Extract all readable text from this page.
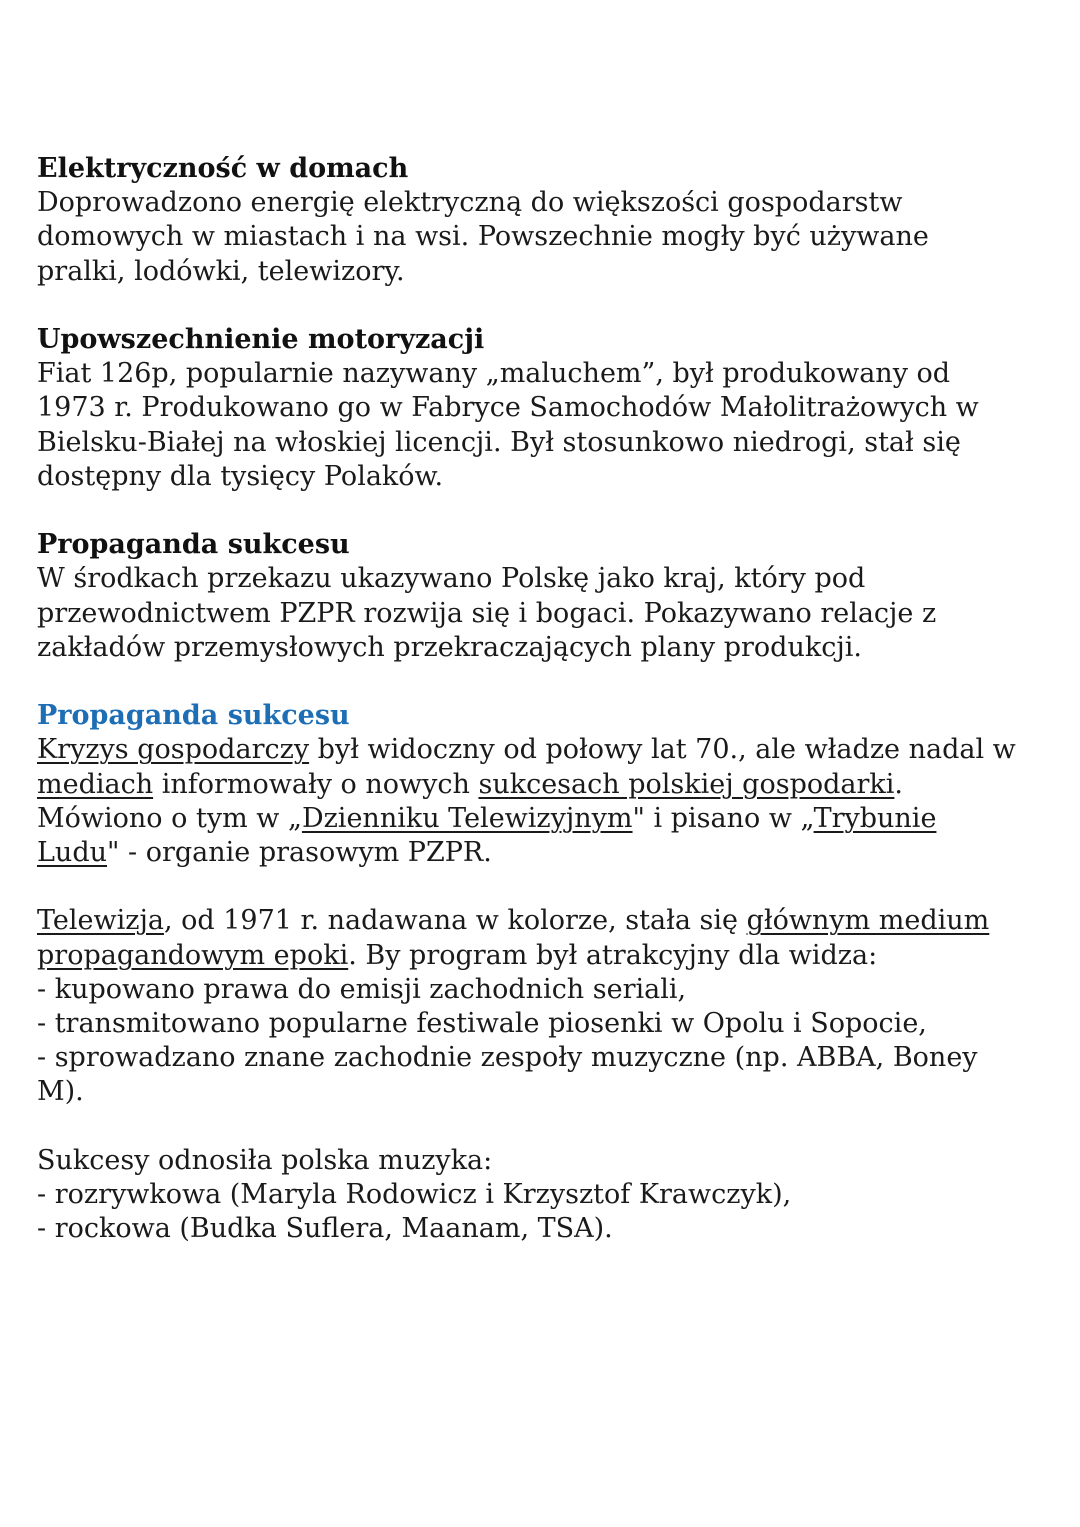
Elektryczność w domach
Doprowadzono energię elektryczną do większości gospodarstw
domowych w miastach i na wsi. Powszechnie mogły być używane
pralki, lodówki, telewizory.
Upowszechnienie motoryzacji
Fiat 126p, popularnie nazywany „maluchem”, był produkowany od
1973 r. Produkowano go w Fabryce Samochodów Małolitrażowych w
Bielsku-Białej na włoskiej licencji. Był stosunkowo niedrogi, stał się
dostępny dla tysięcy Polaków.
Propaganda sukcesu
W środkach przekazu ukazywano Polskę jako kraj, który pod
przewodnictwem PZPR rozwija się i bogaci. Pokazywano relacje z
zakładów przemysłowych przekraczających plany produkcji.
Propaganda sukcesu
Kryzys gospodarczy był widoczny od połowy lat 70., ale władze nadal w
mediach informowały o nowych sukcesach polskiej gospodarki.
Mówiono o tym w „Dzienniku Telewizyjnym" i pisano w „Trybunie
Ludu" - organie prasowym PZPR.
Telewizja, od 1971 r. nadawana w kolorze, stała się głównym medium
propagandowym epoki. By program był atrakcyjny dla widza:
- kupowano prawa do emisji zachodnich seriali,
- transmitowano popularne festiwale piosenki w Opolu i Sopocie,
- sprowadzano znane zachodnie zespoły muzyczne (np. ABBA, Boney
M).
Sukcesy odnosiła polska muzyka:
- rozrywkowa (Maryla Rodowicz i Krzysztof Krawczyk),
- rockowa (Budka Suflera, Maanam, TSA).
